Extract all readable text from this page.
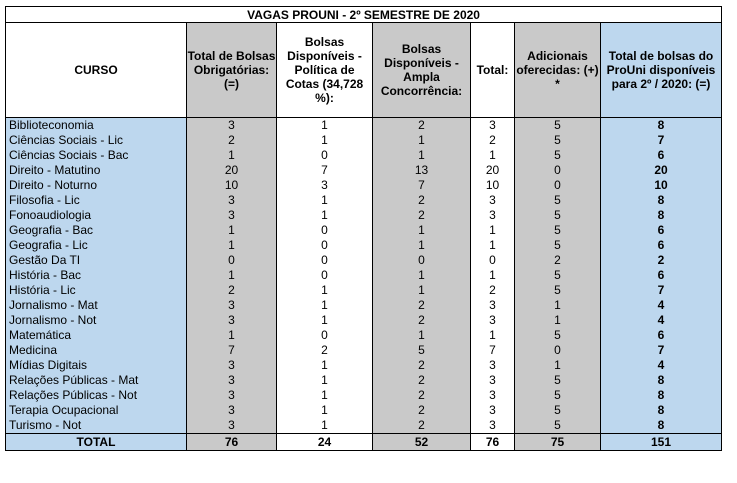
VAGAS PROUNI - 2º SEMESTRE DE 2020						
CURSO	Total de Bolsas Obrigatórias: (=)	Bolsas Disponíveis - Política de Cotas (34,728 %):	Bolsas Disponíveis - Ampla Concorrência:	Total:	Adicionais oferecidas: (+) *	Total de bolsas do ProUni disponíveis para 2º / 2020: (=)
Biblioteconomia	3	1	2	3	5	8
Ciências Sociais - Lic	2	1	1	2	5	7
Ciências Sociais - Bac	1	0	1	1	5	6
Direito - Matutino	20	7	13	20	0	20
Direito - Noturno	10	3	7	10	0	10
Filosofia - Lic	3	1	2	3	5	8
Fonoaudiologia	3	1	2	3	5	8
Geografia - Bac	1	0	1	1	5	6
Geografia - Lic	1	0	1	1	5	6
Gestão Da TI	0	0	0	0	2	2
História - Bac	1	0	1	1	5	6
História - Lic	2	1	1	2	5	7
Jornalismo - Mat	3	1	2	3	1	4
Jornalismo - Not	3	1	2	3	1	4
Matemática	1	0	1	1	5	6
Medicina	7	2	5	7	0	7
Mídias Digitais	3	1	2	3	1	4
Relações Públicas - Mat	3	1	2	3	5	8
Relações Públicas - Not	3	1	2	3	5	8
Terapia Ocupacional	3	1	2	3	5	8
Turismo - Not	3	1	2	3	5	8
TOTAL	76	24	52	76	75	151
